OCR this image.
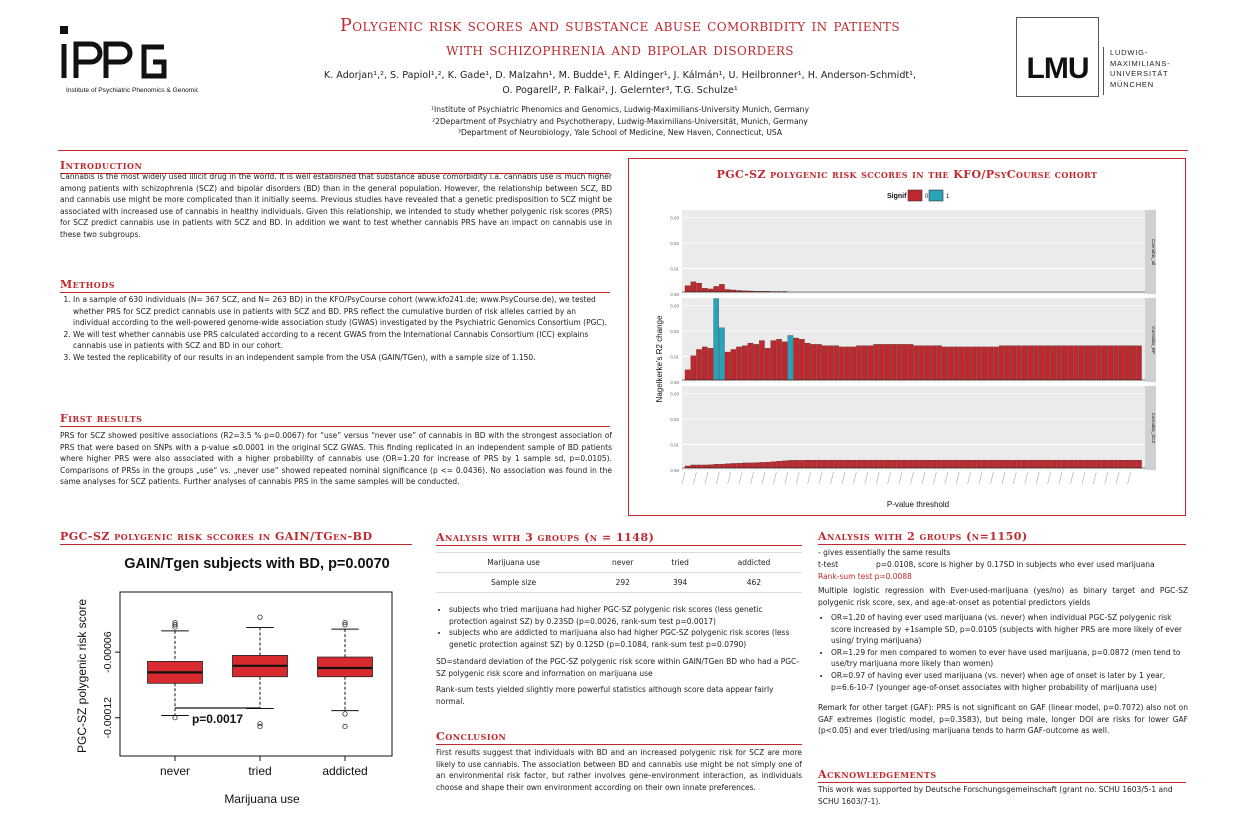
Institute of Psychiatric Phenomics & Genomics
Polygenic risk scores and substance abuse comorbidity in patients
with schizophrenia and bipolar disorders
K. Adorjan¹,², S. Papiol¹,², K. Gade¹, D. Malzahn¹, M. Budde¹, F. Aldinger¹, J. Kálmán¹, U. Heilbronner¹, H. Anderson-Schmidt¹,
O. Pogarell², P. Falkai², J. Gelernter³, T.G. Schulze¹
¹Institute of Psychiatric Phenomics and Genomics, Ludwig-Maximilians-University Munich, Germany
²2Department of Psychiatry and Psychotherapy, Ludwig-Maximilians-Universität, Munich, Germany
³Department of Neurobiology, Yale School of Medicine, New Haven, Connecticut, USA
LMU	LUDWIG-
MAXIMILIANS-
UNIVERSITÄT
MÜNCHEN
Introduction
Cannabis is the most widely used illicit drug in the world. It is well established that substance abuse comorbidity i.a. cannabis use is much higher among patients with schizophrenia (SCZ) and bipolar disorders (BD) than in the general population. However, the relationship between SCZ, BD and cannabis use might be more complicated than it initially seems. Previous studies have revealed that a genetic predisposition to SCZ might be associated with increased use of cannabis in healthy individuals. Given this relationship, we intended to study whether polygenic risk scores (PRS) for SCZ predict cannabis use in patients with SCZ and BD. In addition we want to test whether cannabis PRS have an impact on cannabis use in these two subgroups.
Methods
1. In a sample of 630 individuals (N= 367 SCZ, and N= 263 BD) in the KFO/PsyCourse cohort (www.kfo241.de; www.PsyCourse.de), we tested whether PRS for SCZ predict cannabis use in patients with SCZ and BD. PRS reflect the cumulative burden of risk alleles carried by an individual according to the well-powered genome-wide association study (GWAS) investigated by the Psychiatric Genomics Consortium (PGC).
2. We will test whether cannabis use PRS calculated according to a recent GWAS from the International Cannabis Consortium (ICC) explains cannabis use in patients with SCZ and BD in our cohort.
3. We tested the replicability of our results in an independent sample from the USA (GAIN/TGen), with a sample size of 1.150.
First results
PRS for SCZ showed positive associations (R2=3.5 % p=0.0067) for “use” versus “never use” of cannabis in BD with the strongest association of PRS that were based on SNPs with a p-value ≤0.0001 in the original SCZ GWAS. This finding replicated in an independent sample of BD patients where higher PRS were also associated with a higher probability of cannabis use (OR=1.20 for increase of PRS by 1 sample sd, p=0.0105). Comparisons of PRSs in the groups „use“ vs. „never use“ showed repeated nominal significance (p <= 0.0436). No association was found in the same analyses for SCZ patients. Further analyses of cannabis PRS in the same samples will be conducted.
PGC-SZ polygenic risk sccores in the KFO/PsyCourse cohort
Signif	0	1
Nagelkerke's R2 change
P-value threshold
0.00
0.01
0.02
0.03
Cannabis_all
0.00
0.01
0.02
0.03
Cannabis_BP
0.00
0.01
0.02
0.03
Cannabis_SCZ
PGC-SZ polygenic risk sccores in GAIN/TGen-BD
GAIN/Tgen subjects with BD, p=0.0070
PGC-SZ polygenic risk score
Marijuana use
-0.00006
-0.00012
never	tried	addicted
p=0.0017
Analysis with 3 groups (n = 1148)
Marijuana use	never	tried	addicted
Sample size	292	394	462
• subjects who tried marijuana had higher PGC-SZ polygenic risk scores (less genetic protection against SZ) by 0.23SD (p=0.0026, rank-sum test p=0.0017)
• subjects who are addicted to marijuana also had higher PGC-SZ polygenic risk scores (less genetic protection against SZ) by 0.12SD (p=0.1084, rank-sum test p=0.0790)
SD=standard deviation of the PGC-SZ polygenic risk score within GAIN/TGen BD who had a PGC-SZ polygenic risk score and information on marijuana use
Rank-sum tests yielded slightly more powerful statistics although score data appear fairly normal.
Conclusion
First results suggest that individuals with BD and an increased polygenic risk for SCZ are more likely to use cannabis. The association between BD and cannabis use might be not simply one of an environmental risk factor, but rather involves gene–environment interaction, as individuals choose and shape their own environment according on their own innate preferences.
Analysis with 2 groups (n=1150)
- gives essentially the same results
t-test	p=0.0108, score is higher by 0.17SD in subjects who ever used marijuana
Rank-sum test p=0.0088
Multiple logistic regression with Ever-used-marijuana (yes/no) as binary target and PGC-SZ polygenic risk score, sex, and age-at-onset as potential predictors yields
• OR=1.20 of having ever used marijuana (vs. never) when individual PGC-SZ polygenic risk score increased by +1sample SD, p=0.0105 (subjects with higher PRS are more likely of ever using/ trying marijuana)
• OR=1.29 for men compared to women to ever have used marijuana, p=0.0872 (men tend to use/try marijuana more likely than women)
• OR=0.97 of having ever used marijuana (vs. never) when age of onset is later by 1 year, p=6.6-10-7 (younger age-of-onset associates with higher probability of marijuana use)
Remark for other target (GAF): PRS is not significant on GAF (linear model, p=0.7072) also not on GAF extremes (logistic model, p=0.3583), but being male, longer DOI are risks for lower GAF (p<0.05) and ever tried/using marijuana tends to harm GAF-outcome as well.
Acknowledgements
This work was supported by Deutsche Forschungsgemeinschaft (grant no. SCHU 1603/5-1 and SCHU 1603/7-1).
